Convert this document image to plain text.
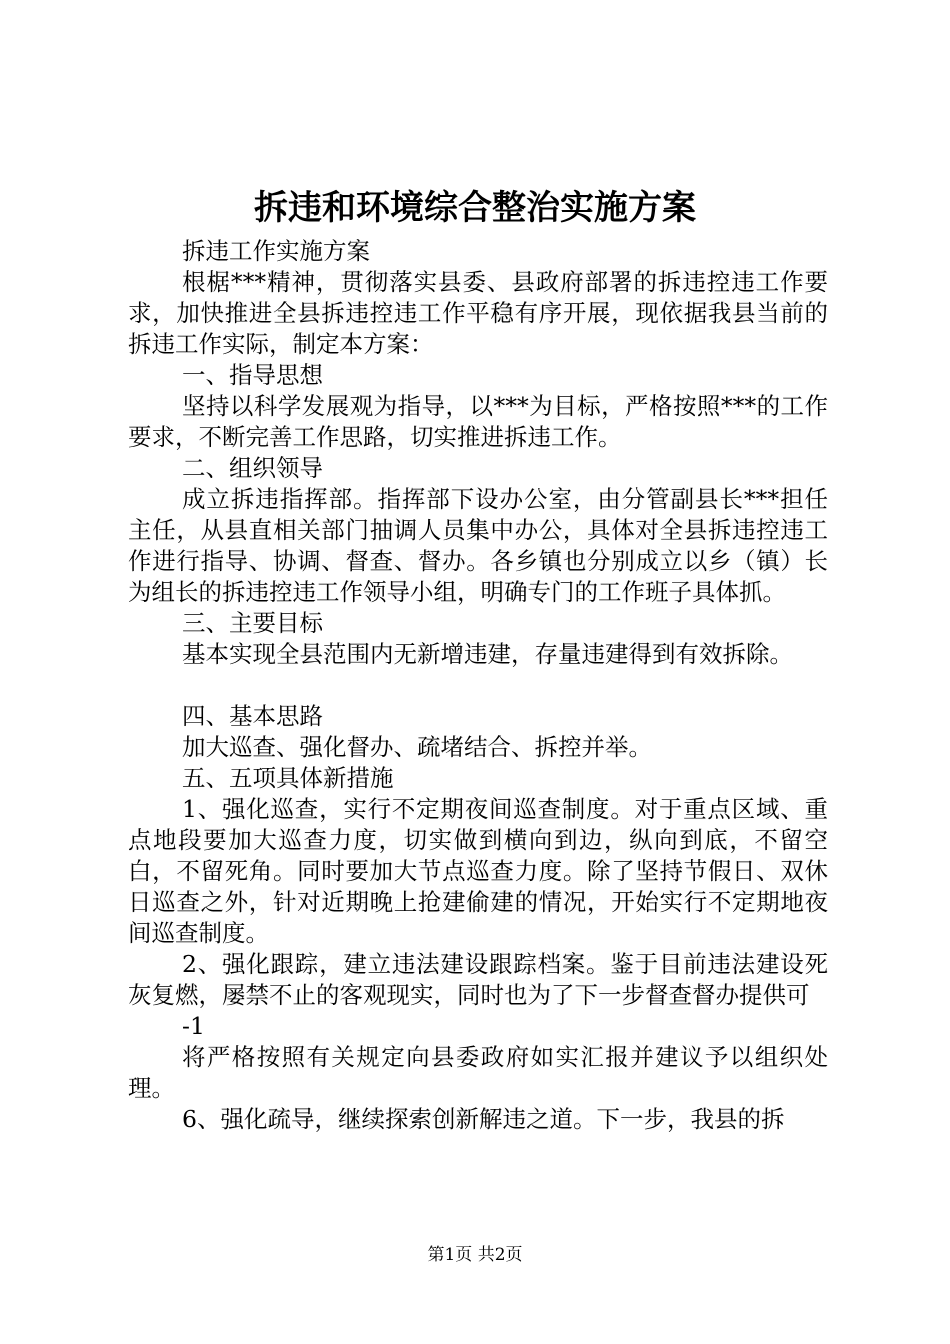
拆违和环境综合整治实施方案

拆违工作实施方案

根椐***精神，贯彻落实县委、县政府部署的拆违控违工作要求，加快推进全县拆违控违工作平稳有序开展，现依据我县当前的拆违工作实际，制定本方案：

一、指导思想

坚持以科学发展观为指导，以***为目标，严格按照***的工作要求，不断完善工作思路，切实推进拆违工作。

二、组织领导

成立拆违指挥部。指挥部下设办公室，由分管副县长***担任主任，从县直相关部门抽调人员集中办公，具体对全县拆违控违工作进行指导、协调、督查、督办。各乡镇也分别成立以乡（镇）长为组长的拆违控违工作领导小组，明确专门的工作班子具体抓。

三、主要目标

基本实现全县范围内无新增违建，存量违建得到有效拆除。

四、基本思路

加大巡查、强化督办、疏堵结合、拆控并举。

五、五项具体新措施

1、强化巡查，实行不定期夜间巡查制度。对于重点区域、重点地段要加大巡查力度，切实做到横向到边，纵向到底，不留空白，不留死角。同时要加大节点巡查力度。除了坚持节假日、双休日巡查之外，针对近期晚上抢建偷建的情况，开始实行不定期地夜间巡查制度。

2、强化跟踪，建立违法建设跟踪档案。鉴于目前违法建设死灰复燃，屡禁不止的客观现实，同时也为了下一步督查督办提供可

-1

将严格按照有关规定向县委政府如实汇报并建议予以组织处理。

6、强化疏导，继续探索创新解违之道。下一步，我县的拆

第1页 共2页
